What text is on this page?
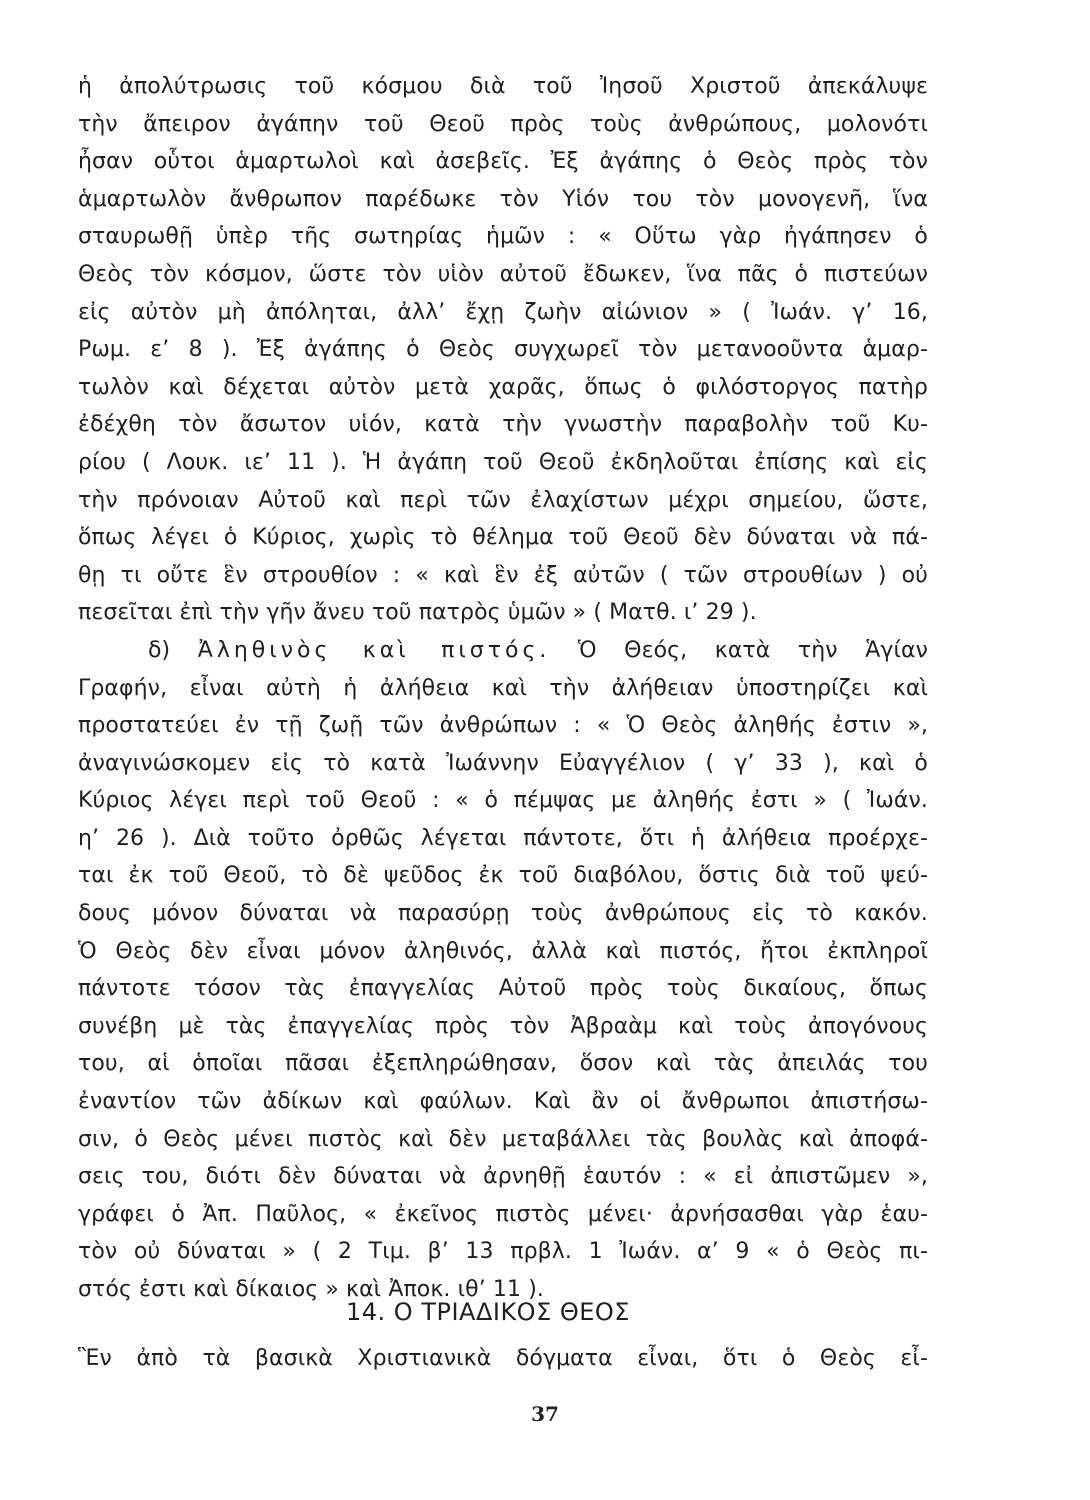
ἡ ἀπολύτρωσις τοῦ κόσμου διὰ τοῦ Ἰησοῦ Χριστοῦ ἀπεκάλυψε
τὴν ἄπειρον ἀγάπην τοῦ Θεοῦ πρὸς τοὺς ἀνθρώπους, μολονότι
ἦσαν οὗτοι ἁμαρτωλοὶ καὶ ἀσεβεῖς. Ἐξ ἀγάπης ὁ Θεὸς πρὸς τὸν
ἁμαρτωλὸν ἄνθρωπον παρέδωκε τὸν Υἱόν του τὸν μονογενῆ, ἵνα
σταυρωθῇ ὑπὲρ τῆς σωτηρίας ἡμῶν : « Οὕτω γὰρ ἠγάπησεν ὁ
Θεὸς τὸν κόσμον, ὥστε τὸν υἱὸν αὐτοῦ ἔδωκεν, ἵνα πᾶς ὁ πιστεύων
εἰς αὐτὸν μὴ ἀπόληται, ἀλλ’ ἔχῃ ζωὴν αἰώνιον » ( Ἰωάν. γ’ 16,
Ρωμ. ε’ 8 ). Ἐξ ἀγάπης ὁ Θεὸς συγχωρεῖ τὸν μετανοοῦντα ἁμαρ-
τωλὸν καὶ δέχεται αὐτὸν μετὰ χαρᾶς, ὅπως ὁ φιλόστοργος πατὴρ
ἐδέχθη τὸν ἄσωτον υἱόν, κατὰ τὴν γνωστὴν παραβολὴν τοῦ Κυ-
ρίου ( Λουκ. ιε’ 11 ). Ἡ ἀγάπη τοῦ Θεοῦ ἐκδηλοῦται ἐπίσης καὶ εἰς
τὴν πρόνοιαν Αὐτοῦ καὶ περὶ τῶν ἐλαχίστων μέχρι σημείου, ὥστε,
ὅπως λέγει ὁ Κύριος, χωρὶς τὸ θέλημα τοῦ Θεοῦ δὲν δύναται νὰ πά-
θῃ τι οὔτε ἓν στρουθίον : « καὶ ἓν ἐξ αὐτῶν ( τῶν στρουθίων ) οὐ
πεσεῖται ἐπὶ τὴν γῆν ἄνευ τοῦ πατρὸς ὑμῶν » ( Ματθ. ι’ 29 ).
δ) Ἀληθινὸς καὶ πιστός. Ὁ Θεός, κατὰ τὴν Ἁγίαν
Γραφήν, εἶναι αὐτὴ ἡ ἀλήθεια καὶ τὴν ἀλήθειαν ὑποστηρίζει καὶ
προστατεύει ἐν τῇ ζωῇ τῶν ἀνθρώπων : « Ὁ Θεὸς ἀληθής ἐστιν »,
ἀναγινώσκομεν εἰς τὸ κατὰ Ἰωάννην Εὐαγγέλιον ( γ’ 33 ), καὶ ὁ
Κύριος λέγει περὶ τοῦ Θεοῦ : « ὁ πέμψας με ἀληθής ἐστι » ( Ἰωάν.
η’ 26 ). Διὰ τοῦτο ὀρθῶς λέγεται πάντοτε, ὅτι ἡ ἀλήθεια προέρχε-
ται ἐκ τοῦ Θεοῦ, τὸ δὲ ψεῦδος ἐκ τοῦ διαβόλου, ὅστις διὰ τοῦ ψεύ-
δους μόνον δύναται νὰ παρασύρῃ τοὺς ἀνθρώπους εἰς τὸ κακόν.
Ὁ Θεὸς δὲν εἶναι μόνον ἀληθινός, ἀλλὰ καὶ πιστός, ἤτοι ἐκπληροῖ
πάντοτε τόσον τὰς ἐπαγγελίας Αὐτοῦ πρὸς τοὺς δικαίους, ὅπως
συνέβη μὲ τὰς ἐπαγγελίας πρὸς τὸν Ἀβραὰμ καὶ τοὺς ἀπογόνους
του, αἱ ὁποῖαι πᾶσαι ἐξεπληρώθησαν, ὅσον καὶ τὰς ἀπειλάς του
ἐναντίον τῶν ἀδίκων καὶ φαύλων. Καὶ ἂν οἱ ἄνθρωποι ἀπιστήσω-
σιν, ὁ Θεὸς μένει πιστὸς καὶ δὲν μεταβάλλει τὰς βουλὰς καὶ ἀποφά-
σεις του, διότι δὲν δύναται νὰ ἀρνηθῇ ἑαυτόν : « εἰ ἀπιστῶμεν »,
γράφει ὁ Ἀπ. Παῦλος, « ἐκεῖνος πιστὸς μένει· ἀρνήσασθαι γὰρ ἑαυ-
τὸν οὐ δύναται » ( 2 Τιμ. β’ 13 πρβλ. 1 Ἰωάν. α’ 9 « ὁ Θεὸς πι-
στός ἐστι καὶ δίκαιος » καὶ Ἀποκ. ιθ’ 11 ).
14. Ο ΤΡΙΑΔΙΚΟΣ ΘΕΟΣ
Ἓν ἀπὸ τὰ βασικὰ Χριστιανικὰ δόγματα εἶναι, ὅτι ὁ Θεὸς εἶ-
37
